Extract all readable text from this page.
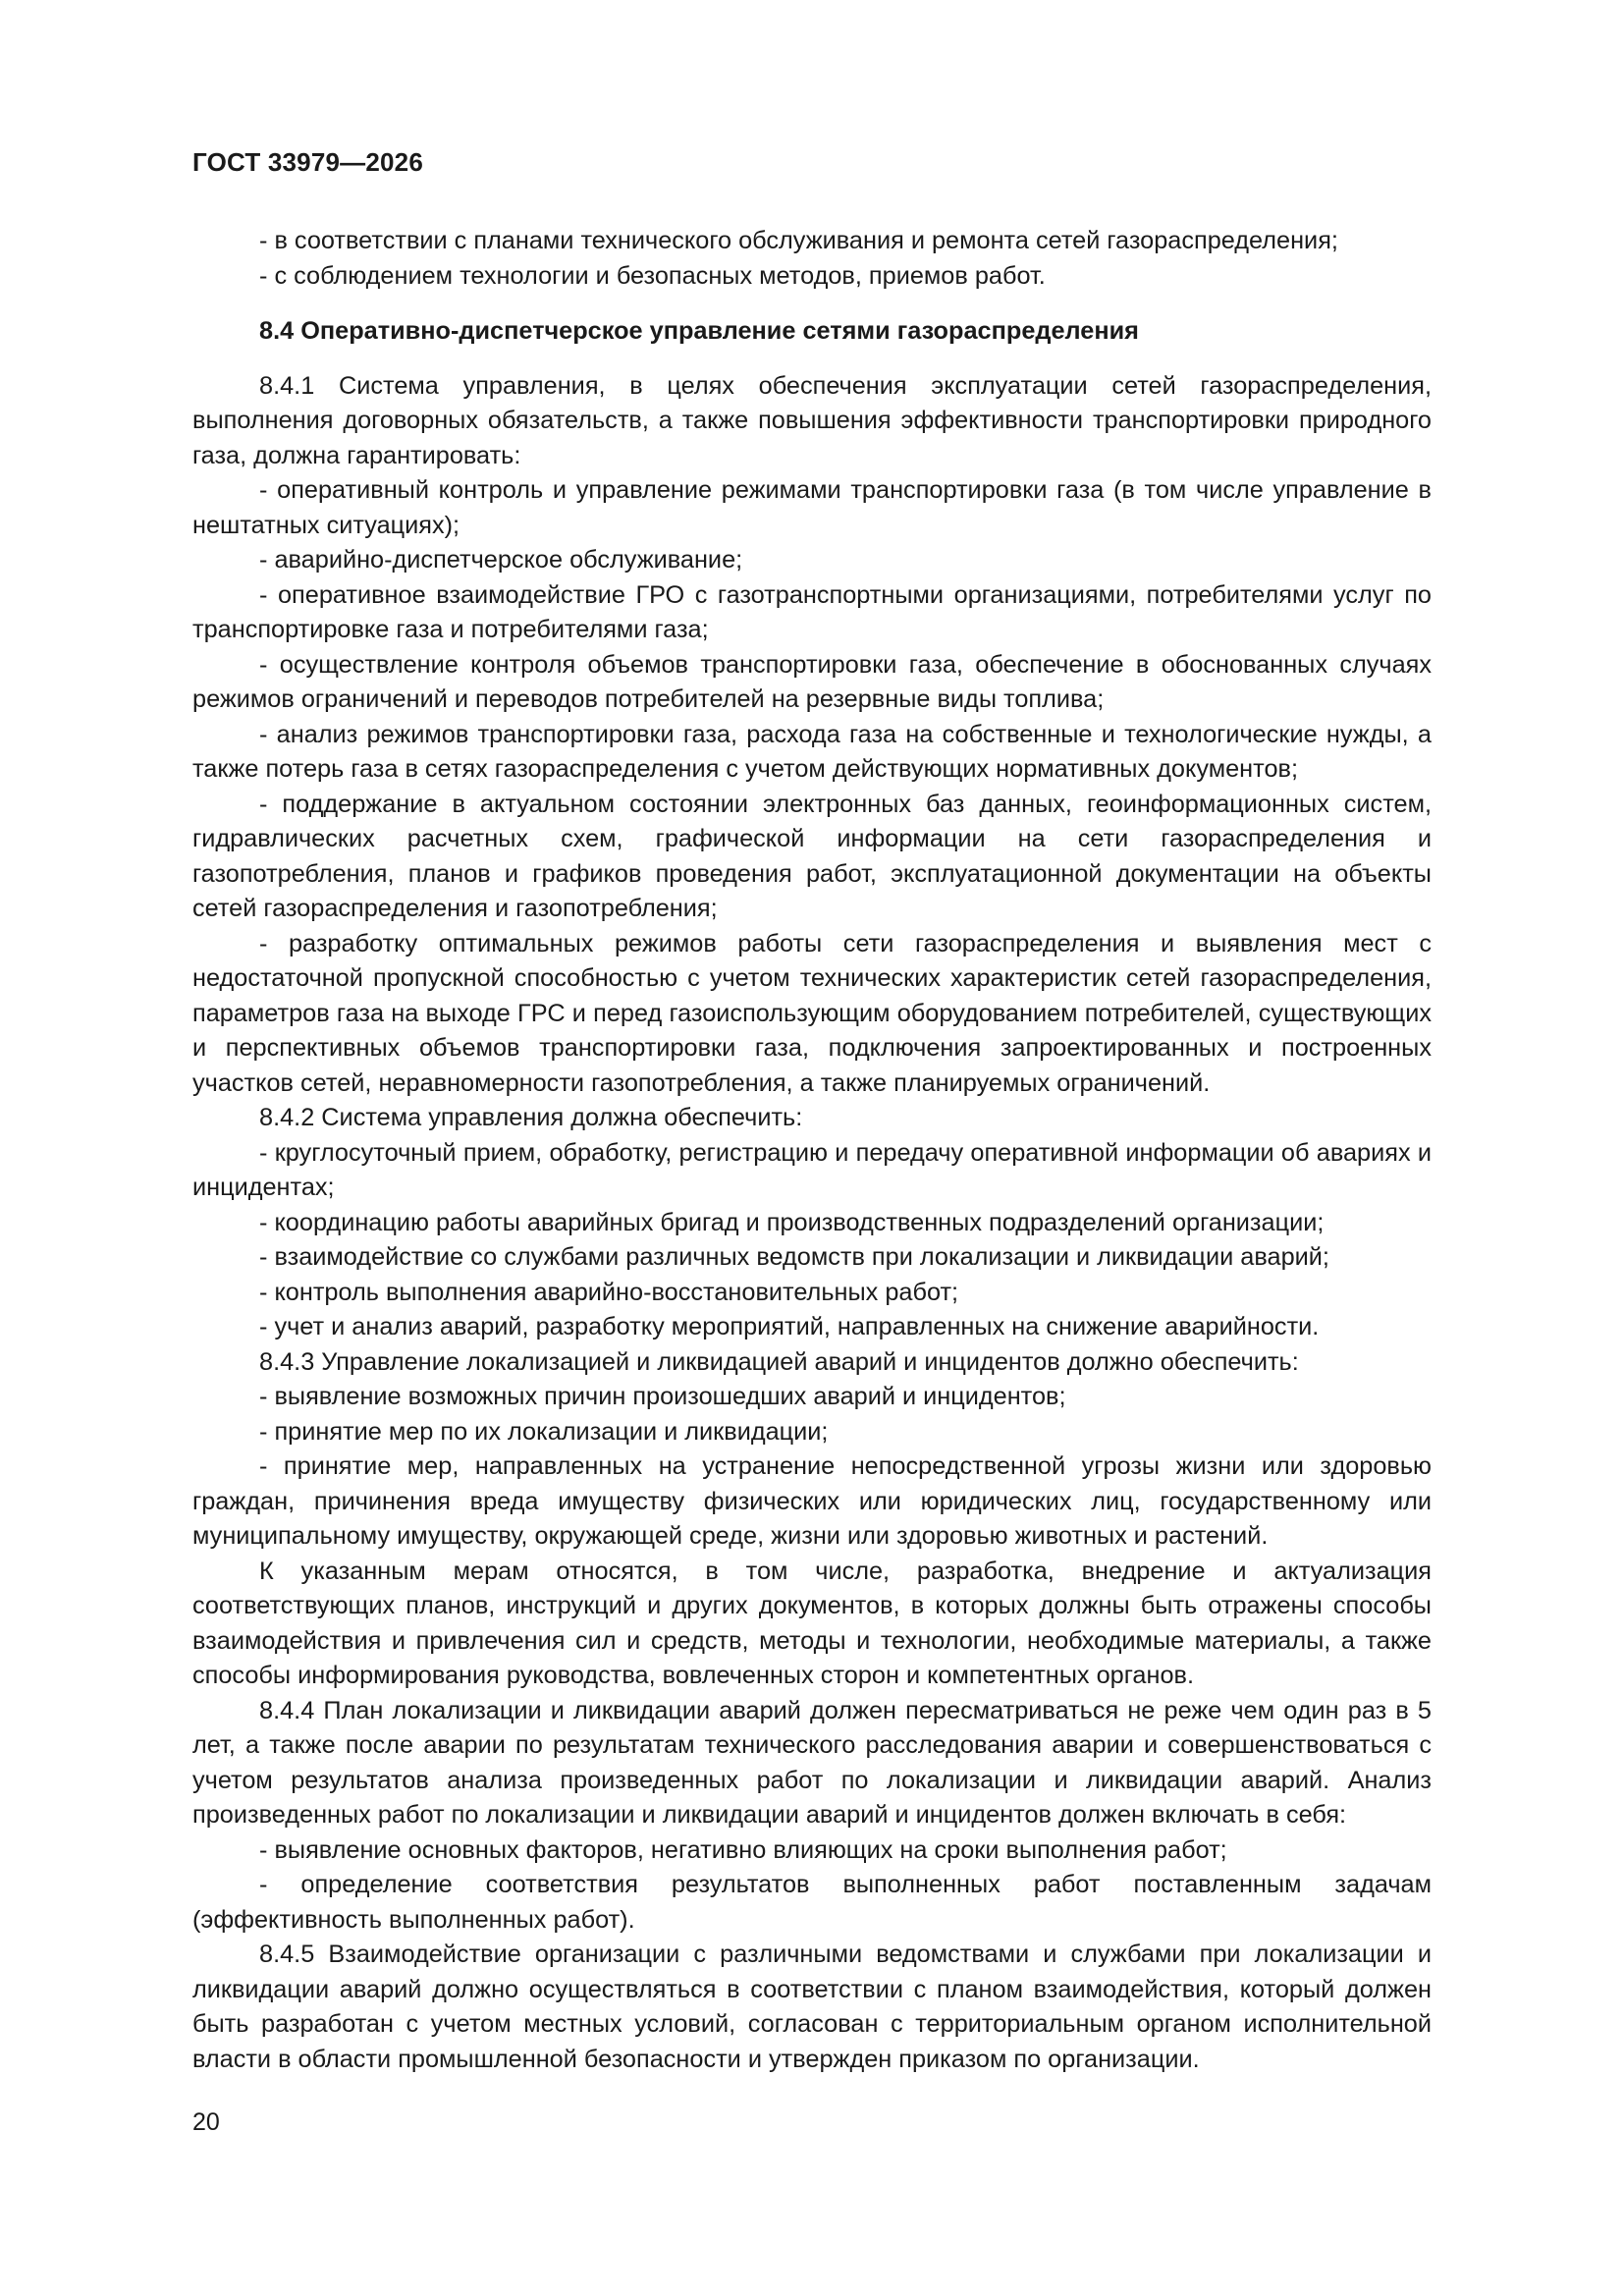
ГОСТ 33979—2026

- в соответствии с планами технического обслуживания и ремонта сетей газораспределения;

- с соблюдением технологии и безопасных методов, приемов работ.

8.4 Оперативно-диспетчерское управление сетями газораспределения

8.4.1 Система управления, в целях обеспечения эксплуатации сетей газораспределения, выполнения договорных обязательств, а также повышения эффективности транспортировки природного газа, должна гарантировать:

- оперативный контроль и управление режимами транспортировки газа (в том числе управление в нештатных ситуациях);

- аварийно-диспетчерское обслуживание;

- оперативное взаимодействие ГРО с газотранспортными организациями, потребителями услуг по транспортировке газа и потребителями газа;

- осуществление контроля объемов транспортировки газа, обеспечение в обоснованных случаях режимов ограничений и переводов потребителей на резервные виды топлива;

- анализ режимов транспортировки газа, расхода газа на собственные и технологические нужды, а также потерь газа в сетях газораспределения с учетом действующих нормативных документов;

- поддержание в актуальном состоянии электронных баз данных, геоинформационных систем, гидравлических расчетных схем, графической информации на сети газораспределения и газопотребления, планов и графиков проведения работ, эксплуатационной документации на объекты сетей газораспределения и газопотребления;

- разработку оптимальных режимов работы сети газораспределения и выявления мест с недостаточной пропускной способностью с учетом технических характеристик сетей газораспределения, параметров газа на выходе ГРС и перед газоиспользующим оборудованием потребителей, существующих и перспективных объемов транспортировки газа, подключения запроектированных и построенных участков сетей, неравномерности газопотребления, а также планируемых ограничений.

8.4.2 Система управления должна обеспечить:

- круглосуточный прием, обработку, регистрацию и передачу оперативной информации об авариях и инцидентах;

- координацию работы аварийных бригад и производственных подразделений организации;

- взаимодействие со службами различных ведомств при локализации и ликвидации аварий;

- контроль выполнения аварийно-восстановительных работ;

- учет и анализ аварий, разработку мероприятий, направленных на снижение аварийности.

8.4.3 Управление локализацией и ликвидацией аварий и инцидентов должно обеспечить:

- выявление возможных причин произошедших аварий и инцидентов;

- принятие мер по их локализации и ликвидации;

- принятие мер, направленных на устранение непосредственной угрозы жизни или здоровью граждан, причинения вреда имуществу физических или юридических лиц, государственному или муниципальному имуществу, окружающей среде, жизни или здоровью животных и растений.

К указанным мерам относятся, в том числе, разработка, внедрение и актуализация соответствующих планов, инструкций и других документов, в которых должны быть отражены способы взаимодействия и привлечения сил и средств, методы и технологии, необходимые материалы, а также способы информирования руководства, вовлеченных сторон и компетентных органов.

8.4.4 План локализации и ликвидации аварий должен пересматриваться не реже чем один раз в 5 лет, а также после аварии по результатам технического расследования аварии и совершенствоваться с учетом результатов анализа произведенных работ по локализации и ликвидации аварий. Анализ произведенных работ по локализации и ликвидации аварий и инцидентов должен включать в себя:

- выявление основных факторов, негативно влияющих на сроки выполнения работ;

- определение соответствия результатов выполненных работ поставленным задачам (эффективность выполненных работ).

8.4.5 Взаимодействие организации с различными ведомствами и службами при локализации и ликвидации аварий должно осуществляться в соответствии с планом взаимодействия, который должен быть разработан с учетом местных условий, согласован с территориальным органом исполнительной власти в области промышленной безопасности и утвержден приказом по организации.

20
